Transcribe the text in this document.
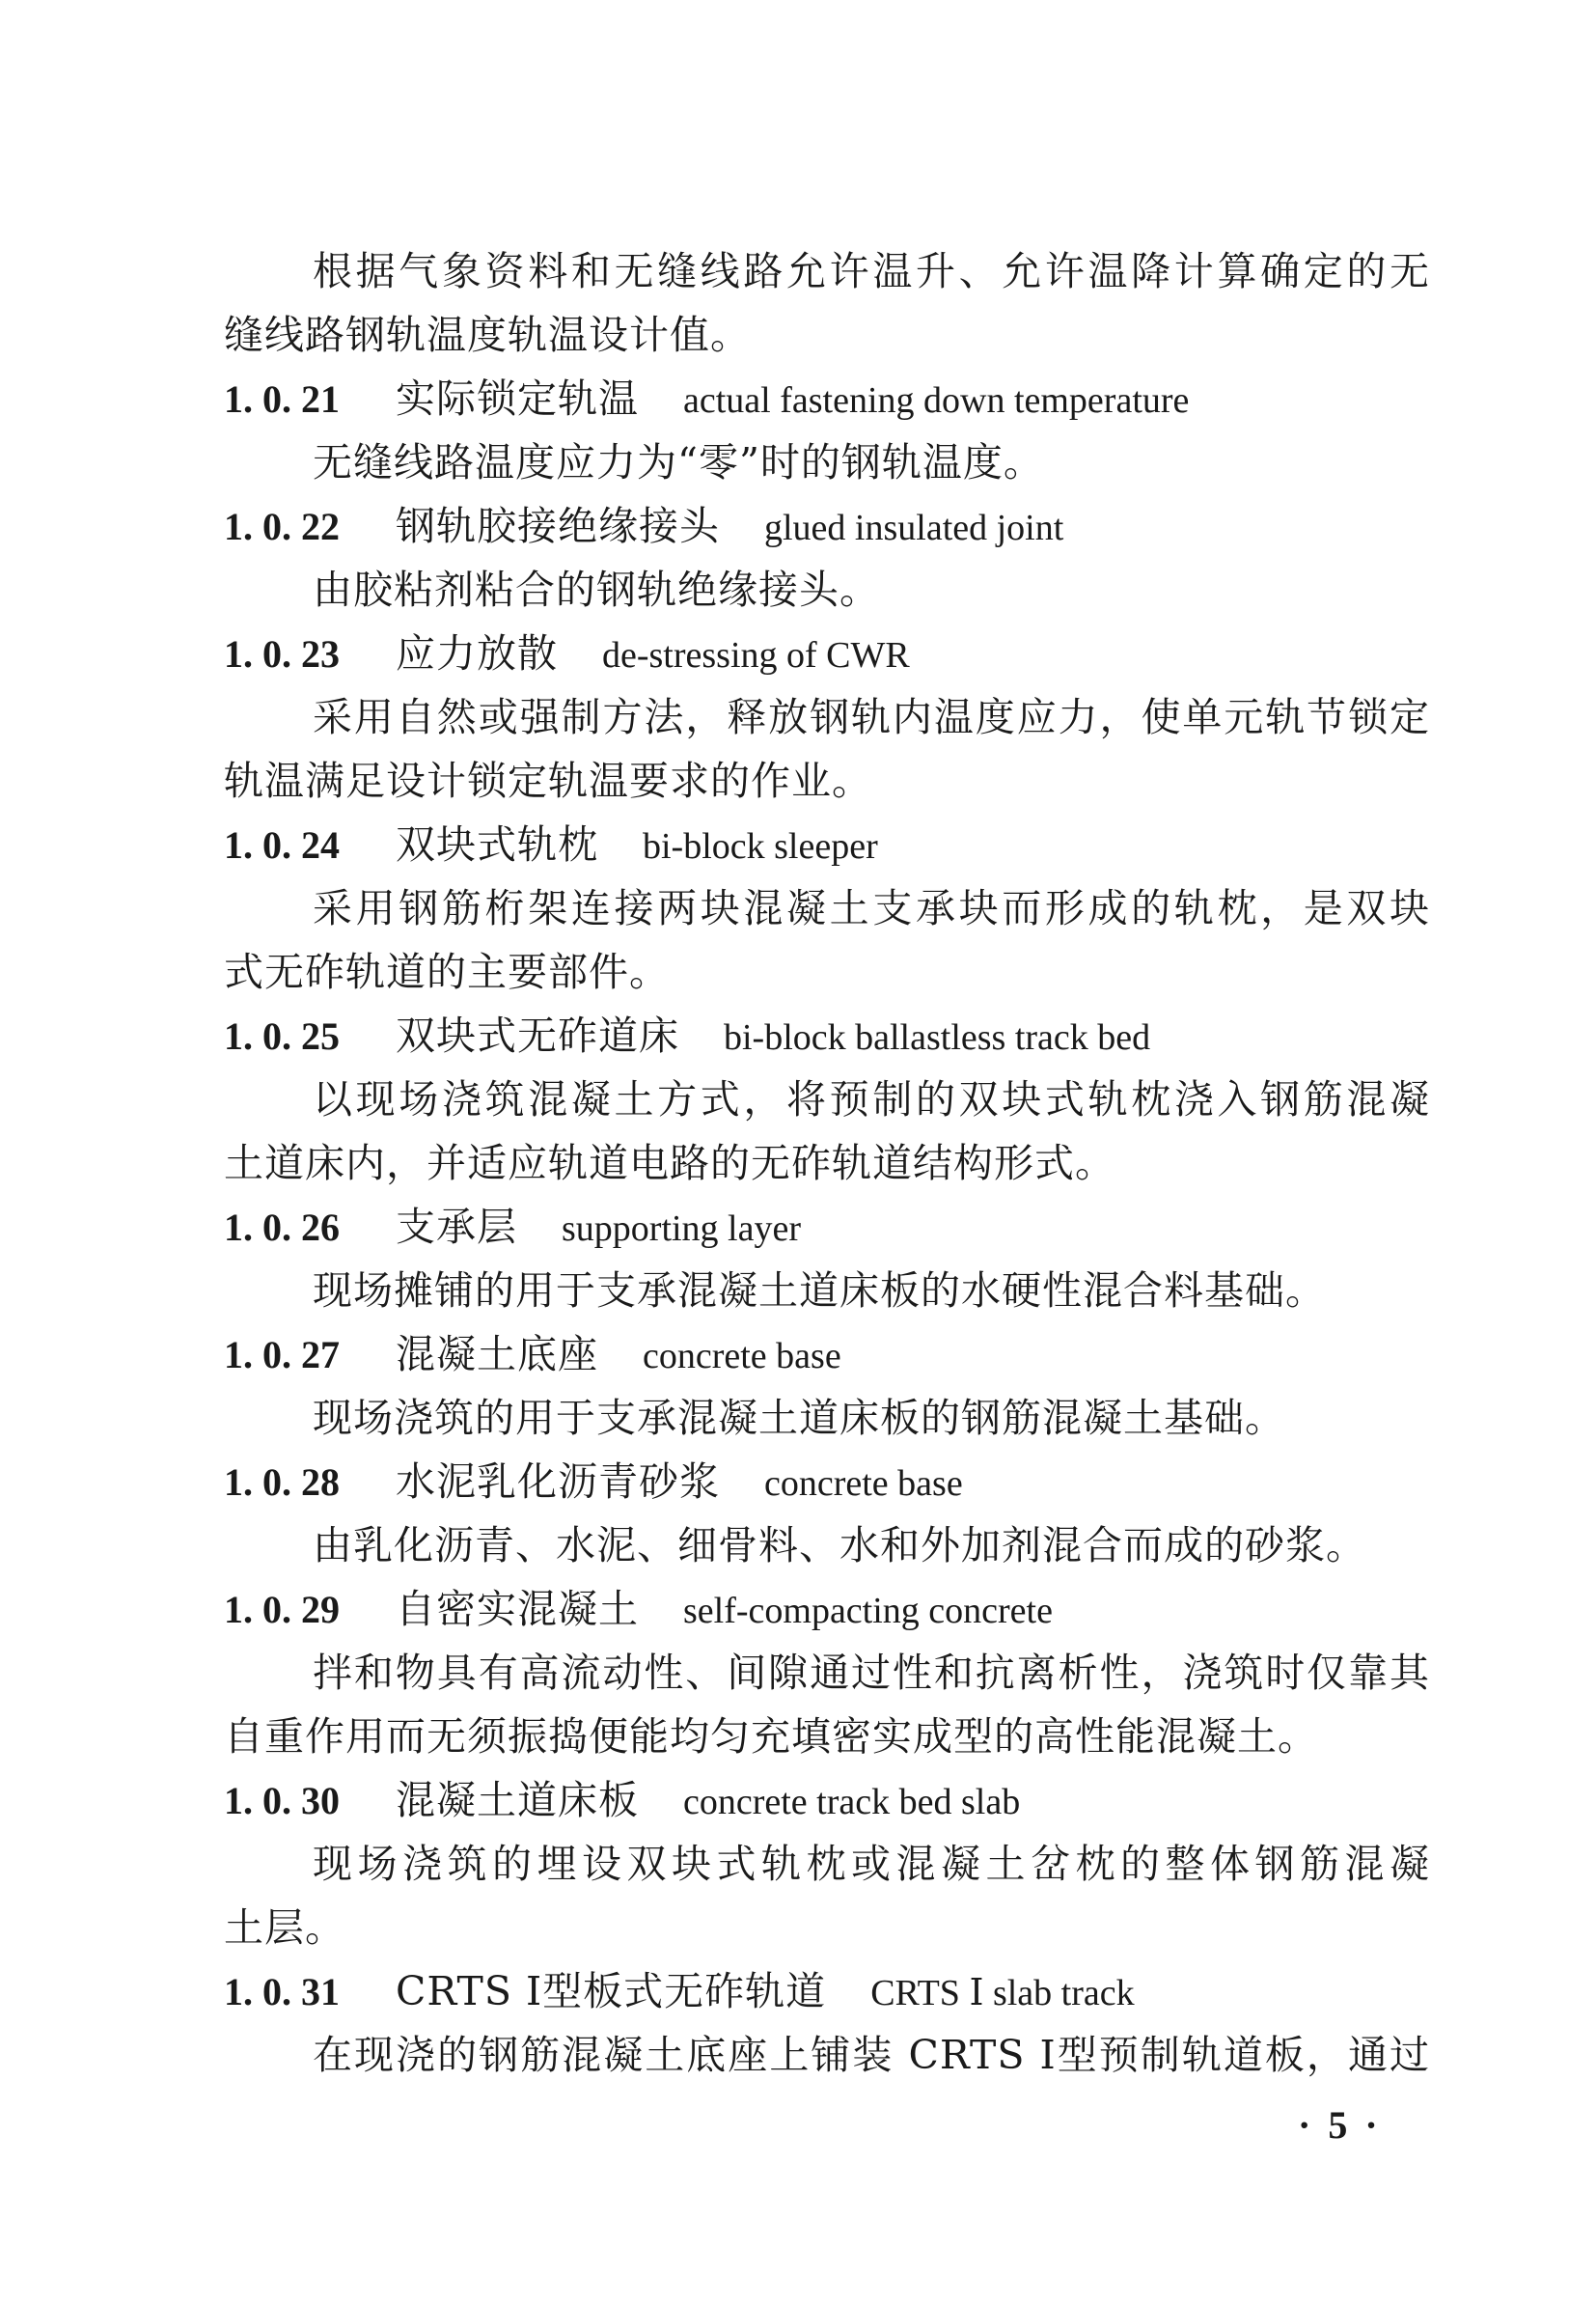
根据气象资料和无缝线路允许温升、允许温降计算确定的无
缝线路钢轨温度轨温设计值。
1. 0. 21	实际锁定轨温 actual fastening down temperature
无缝线路温度应力为“零”时的钢轨温度。
1. 0. 22	钢轨胶接绝缘接头 glued insulated joint
由胶粘剂粘合的钢轨绝缘接头。
1. 0. 23	应力放散 de-stressing of CWR
采用自然或强制方法，释放钢轨内温度应力，使单元轨节锁定
轨温满足设计锁定轨温要求的作业。
1. 0. 24	双块式轨枕 bi-block sleeper
采用钢筋桁架连接两块混凝土支承块而形成的轨枕，是双块
式无砟轨道的主要部件。
1. 0. 25	双块式无砟道床 bi-block ballastless track bed
以现场浇筑混凝土方式，将预制的双块式轨枕浇入钢筋混凝
土道床内，并适应轨道电路的无砟轨道结构形式。
1. 0. 26	支承层 supporting layer
现场摊铺的用于支承混凝土道床板的水硬性混合料基础。
1. 0. 27	混凝土底座 concrete base
现场浇筑的用于支承混凝土道床板的钢筋混凝土基础。
1. 0. 28	水泥乳化沥青砂浆 concrete base
由乳化沥青、水泥、细骨料、水和外加剂混合而成的砂浆。
1. 0. 29	自密实混凝土 self-compacting concrete
拌和物具有高流动性、间隙通过性和抗离析性，浇筑时仅靠其
自重作用而无须振捣便能均匀充填密实成型的高性能混凝土。
1. 0. 30	混凝土道床板 concrete track bed slab
现场浇筑的埋设双块式轨枕或混凝土岔枕的整体钢筋混凝
土层。
1. 0. 31	CRTS Ⅰ型板式无砟轨道 CRTS Ⅰ slab track
在现浇的钢筋混凝土底座上铺装 CRTS Ⅰ型预制轨道板，通过
· 5 ·
